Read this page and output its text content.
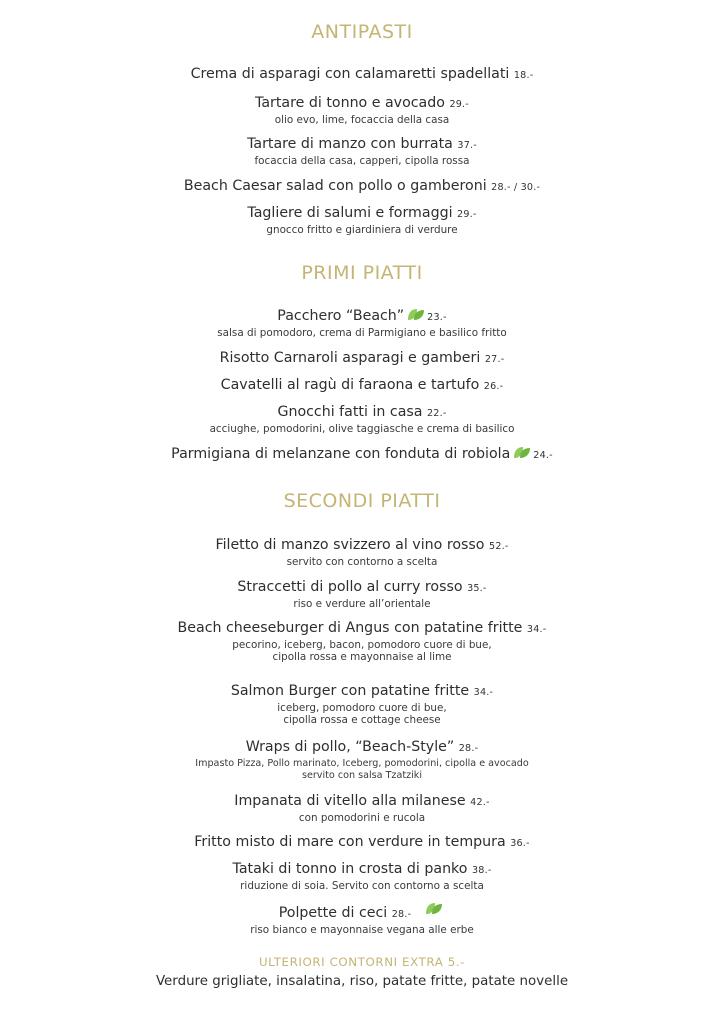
ANTIPASTI
Crema di asparagi con calamaretti spadellati 18.-
Tartare di tonno e avocado 29.-
olio evo, lime, focaccia della casa
Tartare di manzo con burrata 37.-
focaccia della casa, capperi, cipolla rossa
Beach Caesar salad con pollo o gamberoni 28.- / 30.-
Tagliere di salumi e formaggi 29.-
gnocco fritto e giardiniera di verdure
PRIMI PIATTI
Pacchero “Beach” 23.-
salsa di pomodoro, crema di Parmigiano e basilico fritto
Risotto Carnaroli asparagi e gamberi 27.-
Cavatelli al ragù di faraona e tartufo 26.-
Gnocchi fatti in casa 22.-
acciughe, pomodorini, olive taggiasche e crema di basilico
Parmigiana di melanzane con fonduta di robiola 24.-
SECONDI PIATTI
Filetto di manzo svizzero al vino rosso 52.-
servito con contorno a scelta
Straccetti di pollo al curry rosso 35.-
riso e verdure all’orientale
Beach cheeseburger di Angus con patatine fritte 34.-
pecorino, iceberg, bacon, pomodoro cuore di bue,
cipolla rossa e mayonnaise al lime
Salmon Burger con patatine fritte 34.-
iceberg, pomodoro cuore di bue,
cipolla rossa e cottage cheese
Wraps di pollo, “Beach-Style” 28.-
Impasto Pizza, Pollo marinato, Iceberg, pomodorini, cipolla e avocado
servito con salsa Tzatziki
Impanata di vitello alla milanese 42.-
con pomodorini e rucola
Fritto misto di mare con verdure in tempura 36.-
Tataki di tonno in crosta di panko 38.-
riduzione di soia. Servito con contorno a scelta
Polpette di ceci 28.-
riso bianco e mayonnaise vegana alle erbe
ULTERIORI CONTORNI EXTRA 5.-
Verdure grigliate, insalatina, riso, patate fritte, patate novelle
